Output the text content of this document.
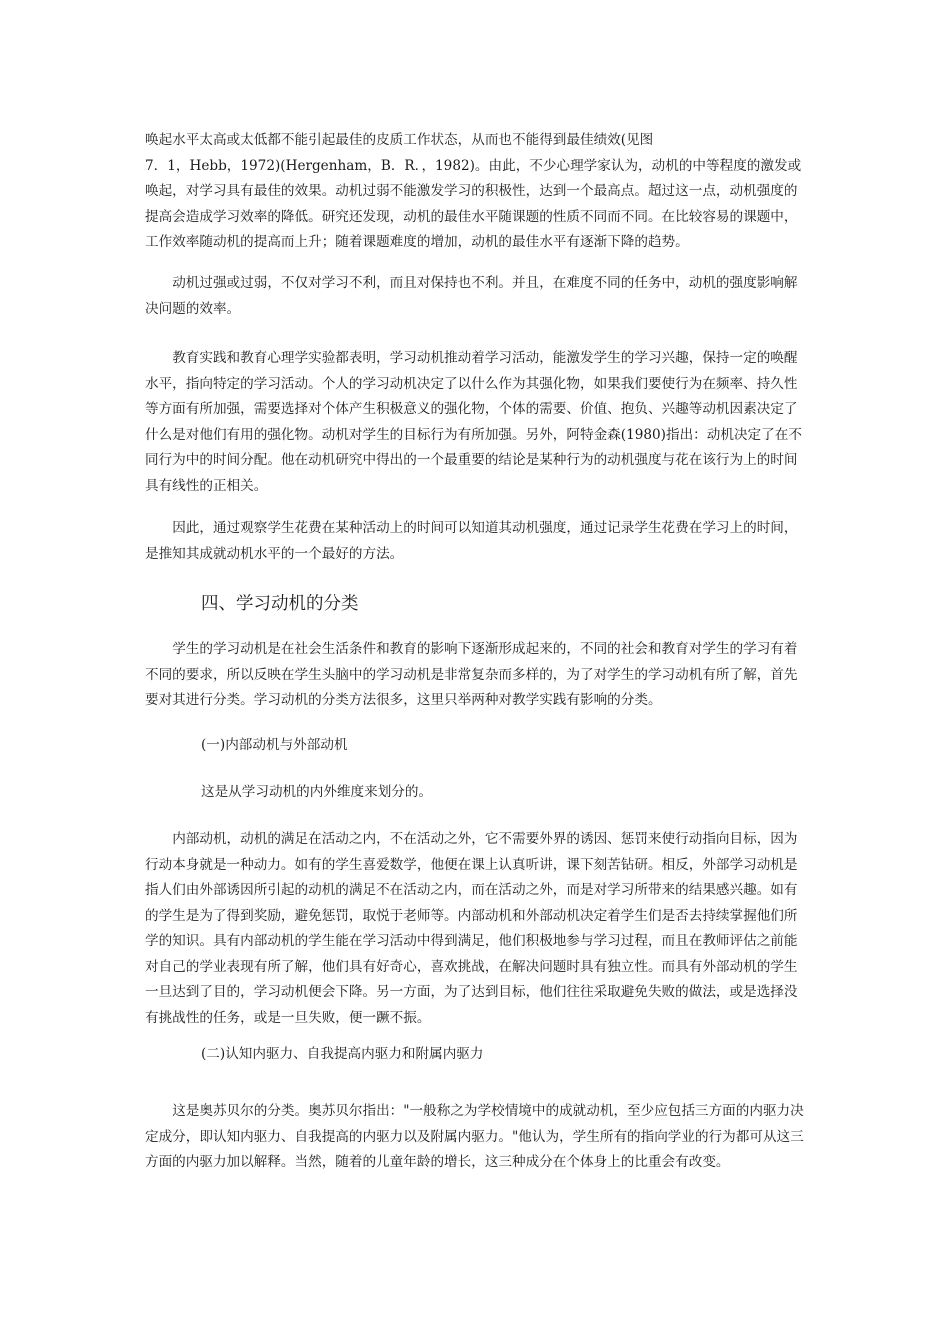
唤起水平太高或太低都不能引起最佳的皮质工作状态，从而也不能得到最佳绩效(见图
7．1，Hebb，1972)(Hergenham，B．R．，1982)。由此，不少心理学家认为，动机的中等程度的激发或唤起，对学习具有最佳的效果。动机过弱不能激发学习的积极性，达到一个最高点。超过这一点，动机强度的提高会造成学习效率的降低。研究还发现，动机的最佳水平随课题的性质不同而不同。在比较容易的课题中，工作效率随动机的提高而上升；随着课题难度的增加，动机的最佳水平有逐渐下降的趋势。

动机过强或过弱，不仅对学习不利，而且对保持也不利。并且，在难度不同的任务中，动机的强度影响解决问题的效率。

教育实践和教育心理学实验都表明，学习动机推动着学习活动，能激发学生的学习兴趣，保持一定的唤醒水平，指向特定的学习活动。个人的学习动机决定了以什么作为其强化物，如果我们要使行为在频率、持久性等方面有所加强，需要选择对个体产生积极意义的强化物，个体的需要、价值、抱负、兴趣等动机因素决定了什么是对他们有用的强化物。动机对学生的目标行为有所加强。另外，阿特金森(1980)指出：动机决定了在不同行为中的时间分配。他在动机研究中得出的一个最重要的结论是某种行为的动机强度与花在该行为上的时间具有线性的正相关。

因此，通过观察学生花费在某种活动上的时间可以知道其动机强度，通过记录学生花费在学习上的时间，是推知其成就动机水平的一个最好的方法。

四、学习动机的分类

学生的学习动机是在社会生活条件和教育的影响下逐渐形成起来的，不同的社会和教育对学生的学习有着不同的要求，所以反映在学生头脑中的学习动机是非常复杂而多样的，为了对学生的学习动机有所了解，首先要对其进行分类。学习动机的分类方法很多，这里只举两种对教学实践有影响的分类。

(一)内部动机与外部动机

这是从学习动机的内外维度来划分的。

内部动机，动机的满足在活动之内，不在活动之外，它不需要外界的诱因、惩罚来使行动指向目标，因为行动本身就是一种动力。如有的学生喜爱数学，他便在课上认真听讲，课下刻苦钻研。相反，外部学习动机是指人们由外部诱因所引起的动机的满足不在活动之内，而在活动之外，而是对学习所带来的结果感兴趣。如有的学生是为了得到奖励，避免惩罚，取悦于老师等。内部动机和外部动机决定着学生们是否去持续掌握他们所学的知识。具有内部动机的学生能在学习活动中得到满足，他们积极地参与学习过程，而且在教师评估之前能对自己的学业表现有所了解，他们具有好奇心，喜欢挑战，在解决问题时具有独立性。而具有外部动机的学生一旦达到了目的，学习动机便会下降。另一方面，为了达到目标，他们往往采取避免失败的做法，或是选择没有挑战性的任务，或是一旦失败，便一蹶不振。

(二)认知内驱力、自我提高内驱力和附属内驱力

这是奥苏贝尔的分类。奥苏贝尔指出："一般称之为学校情境中的成就动机，至少应包括三方面的内驱力决定成分，即认知内驱力、自我提高的内驱力以及附属内驱力。"他认为，学生所有的指向学业的行为都可从这三方面的内驱力加以解释。当然，随着的儿童年龄的增长，这三种成分在个体身上的比重会有改变。
